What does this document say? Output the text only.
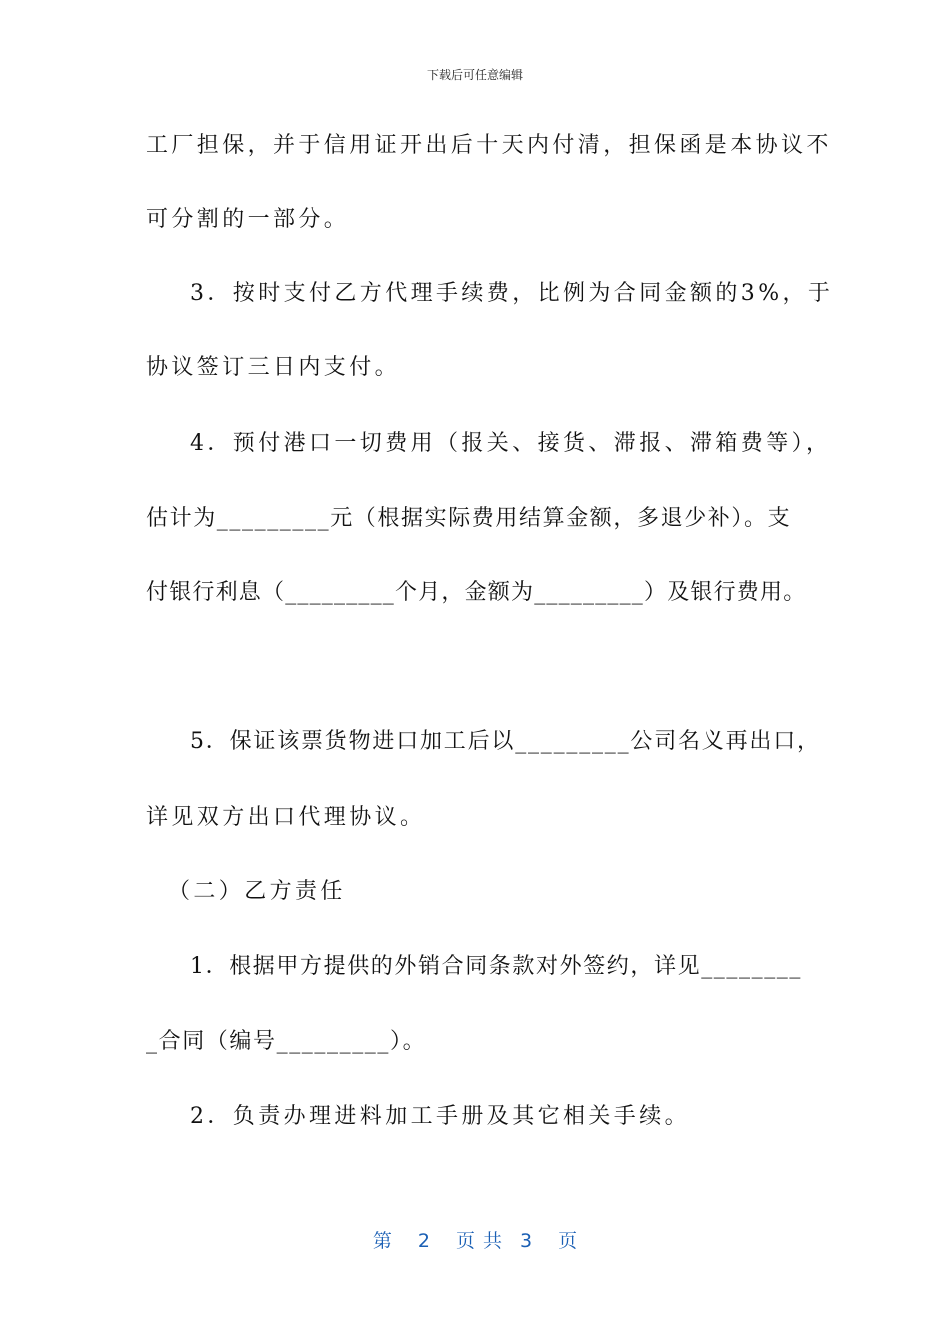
下载后可任意编辑
工厂担保，并于信用证开出后十天内付清，担保函是本协议不
可分割的一部分。
3．按时支付乙方代理手续费，比例为合同金额的3%，于
协议签订三日内支付。
4．预付港口一切费用（报关、接货、滞报、滞箱费等），
估计为_________元（根据实际费用结算金额，多退少补）。支
付银行利息（_________个月，金额为_________）及银行费用。
5．保证该票货物进口加工后以_________公司名义再出口，
详见双方出口代理协议。
（二）乙方责任
1．根据甲方提供的外销合同条款对外签约，详见________
_合同（编号_________）。
2．负责办理进料加工手册及其它相关手续。
第 2 页共 3 页
